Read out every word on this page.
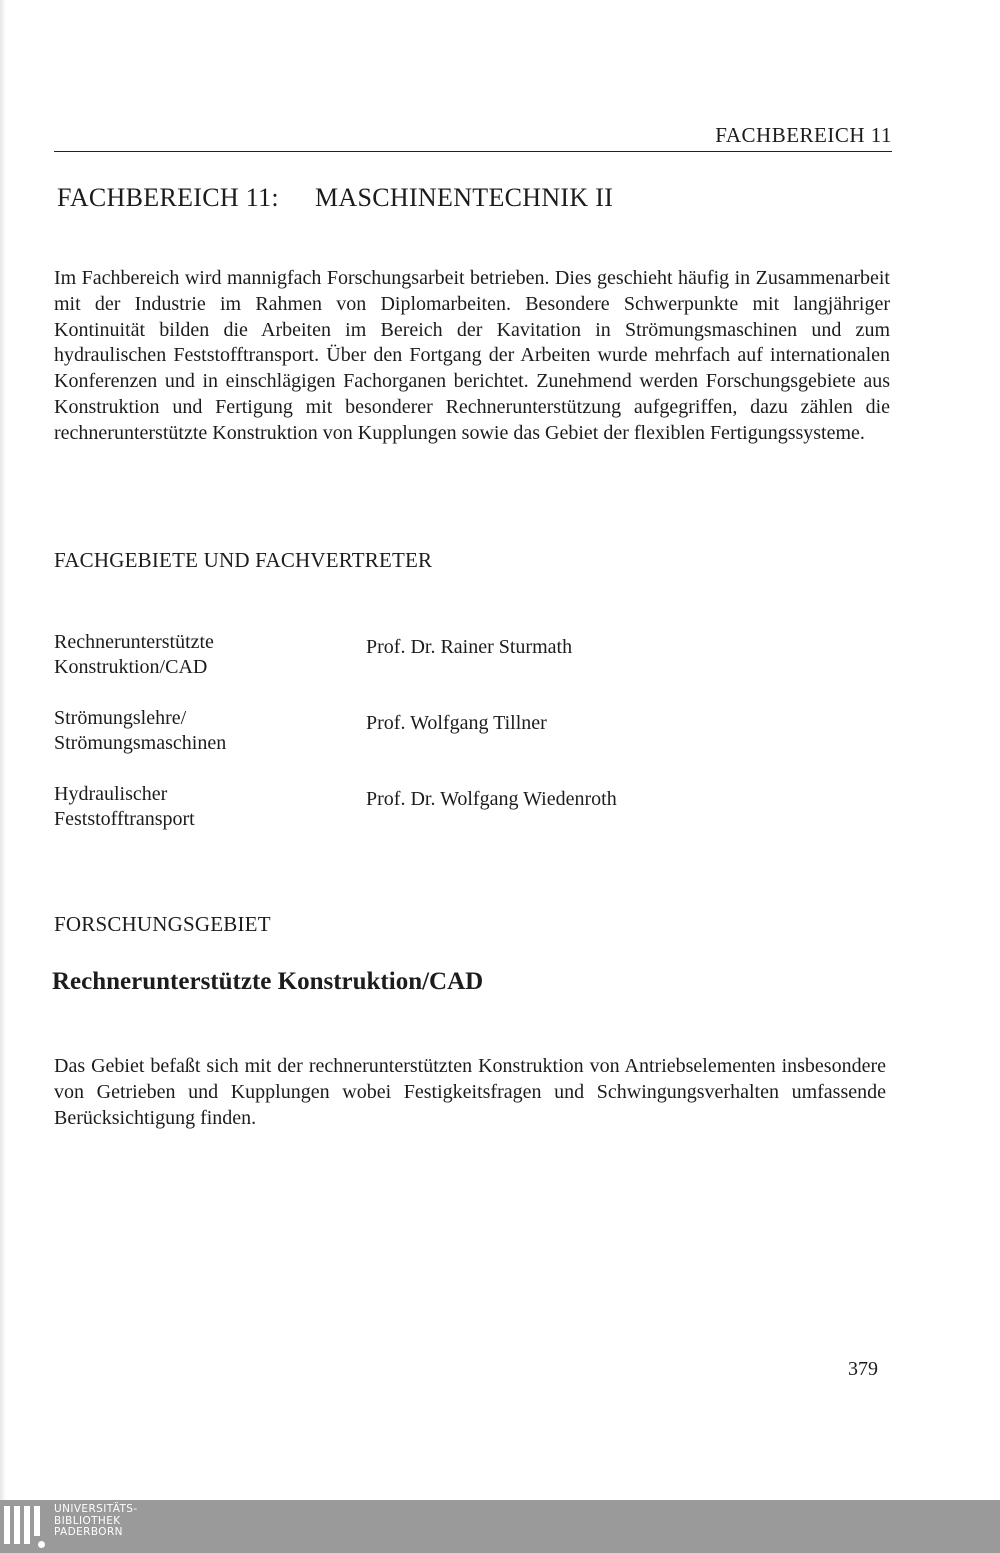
FACHBEREICH 11
FACHBEREICH 11: MASCHINENTECHNIK II

Im Fachbereich wird mannigfach Forschungsarbeit betrieben. Dies geschieht häufig in Zusammenarbeit mit der Industrie im Rahmen von Diplomarbeiten. Besondere Schwerpunkte mit langjähriger Kontinuität bilden die Arbeiten im Bereich der Kavitation in Strömungsmaschinen und zum hydraulischen Feststofftransport. Über den Fortgang der Arbeiten wurde mehrfach auf internationalen Konferenzen und in einschlägigen Fachorganen berichtet. Zunehmend werden Forschungsgebiete aus Konstruktion und Fertigung mit besonderer Rechnerunterstützung aufgegriffen, dazu zählen die rechnerunterstützte Konstruktion von Kupplungen sowie das Gebiet der flexiblen Fertigungssysteme.

FACHGEBIETE UND FACHVERTRETER
Rechnerunterstützte
Konstruktion/CAD
Prof. Dr. Rainer Sturmath
Strömungslehre/
Strömungsmaschinen
Prof. Wolfgang Tillner
Hydraulischer
Feststofftransport
Prof. Dr. Wolfgang Wiedenroth
FORSCHUNGSGEBIET
Rechnerunterstützte Konstruktion/CAD

Das Gebiet befaßt sich mit der rechnerunterstützten Konstruktion von Antriebselementen insbesondere von Getrieben und Kupplungen wobei Festigkeitsfragen und Schwingungsverhalten umfassende Berücksichtigung finden.

379
UNIVERSITÄTS-
BIBLIOTHEK
PADERBORN
